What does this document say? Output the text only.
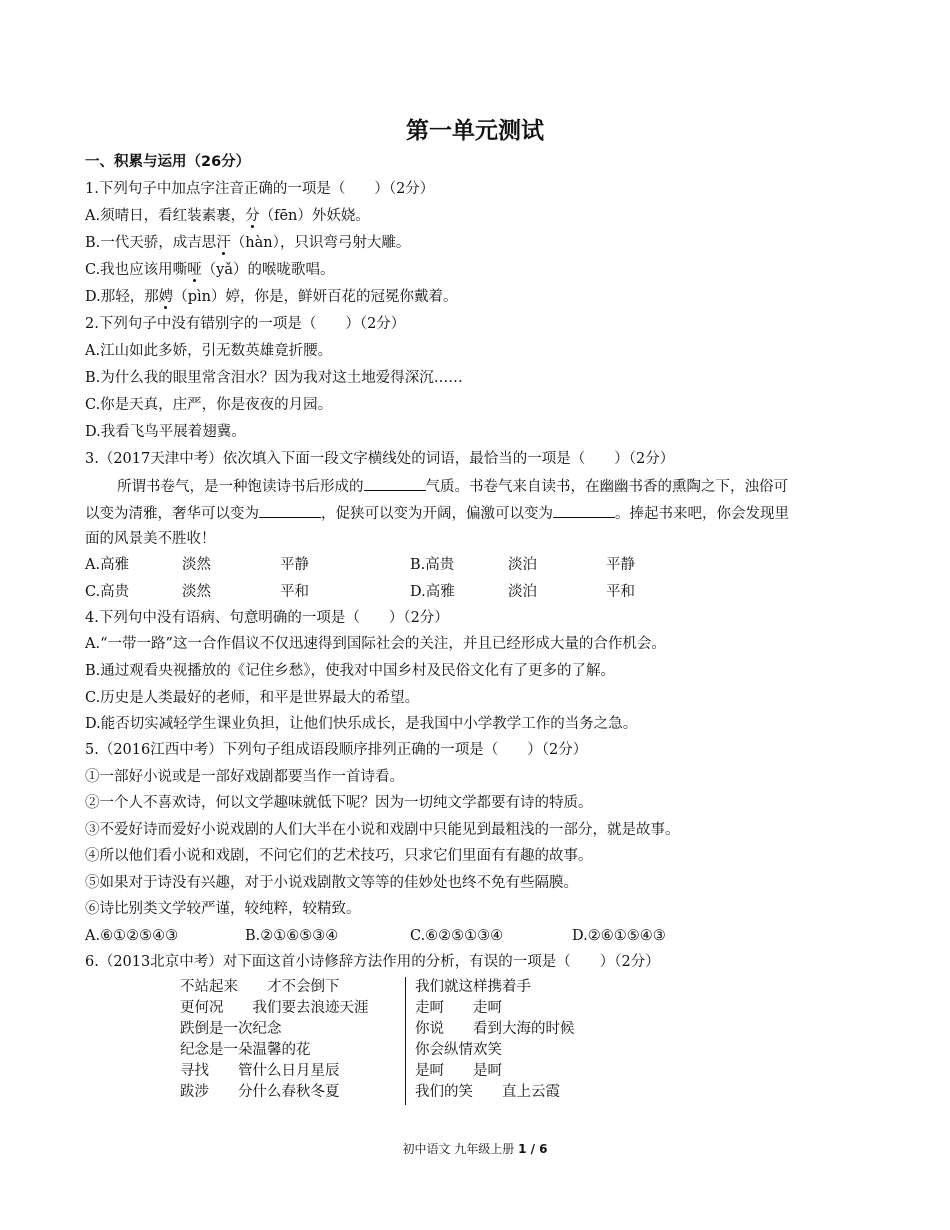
第一单元测试
一、积累与运用（26分）
1.下列句子中加点字注音正确的一项是（　　）（2分）
A.须晴日，看红装素裹，分（fēn）外妖娆。
B.一代天骄，成吉思汗（hàn），只识弯弓射大雕。
C.我也应该用嘶哑（yǎ）的喉咙歌唱。
D.那轻，那娉（pìn）婷，你是，鲜妍百花的冠冕你戴着。
2.下列句子中没有错别字的一项是（　　）（2分）
A.江山如此多娇，引无数英雄竟折腰。
B.为什么我的眼里常含泪水？因为我对这土地爱得深沉……
C.你是天真，庄严，你是夜夜的月园。
D.我看飞鸟平展着翅冀。
3.（2017天津中考）依次填入下面一段文字横线处的词语，最恰当的一项是（　　）（2分）
所谓书卷气，是一种饱读诗书后形成的	气质。书卷气来自读书，在幽幽书香的熏陶之下，浊俗可
以变为清雅，奢华可以变为	，促狭可以变为开阔，偏激可以变为	。捧起书来吧，你会发现里
面的风景美不胜收！
A.高雅	淡然	平静	B.高贵	淡泊	平静
C.高贵	淡然	平和	D.高雅	淡泊	平和
4.下列句中没有语病、句意明确的一项是（　　）（2分）
A.“一带一路”这一合作倡议不仅迅速得到国际社会的关注，并且已经形成大量的合作机会。
B.通过观看央视播放的《记住乡愁》，使我对中国乡村及民俗文化有了更多的了解。
C.历史是人类最好的老师，和平是世界最大的希望。
D.能否切实减轻学生课业负担，让他们快乐成长，是我国中小学教学工作的当务之急。
5.（2016江西中考）下列句子组成语段顺序排列正确的一项是（　　）（2分）
①一部好小说或是一部好戏剧都要当作一首诗看。
②一个人不喜欢诗，何以文学趣味就低下呢？因为一切纯文学都要有诗的特质。
③不爱好诗而爱好小说戏剧的人们大半在小说和戏剧中只能见到最粗浅的一部分，就是故事。
④所以他们看小说和戏剧，不问它们的艺术技巧，只求它们里面有有趣的故事。
⑤如果对于诗没有兴趣，对于小说戏剧散文等等的佳妙处也终不免有些隔膜。
⑥诗比别类文学较严谨，较纯粹，较精致。
A.⑥①②⑤④③	B.②①⑥⑤③④	C.⑥②⑤①③④	D.②⑥①⑤④③
6.（2013北京中考）对下面这首小诗修辞方法作用的分析，有误的一项是（　　）（2分）
不站起来　　才不会倒下
更何况　　我们要去浪迹天涯
跌倒是一次纪念
纪念是一朵温馨的花
寻找　　管什么日月星辰
跋涉　　分什么春秋冬夏
我们就这样携着手
走呵　　走呵
你说　　看到大海的时候
你会纵情欢笑
是呵　　是呵
我们的笑　　直上云霞
初中语文 九年级上册 1 / 6
